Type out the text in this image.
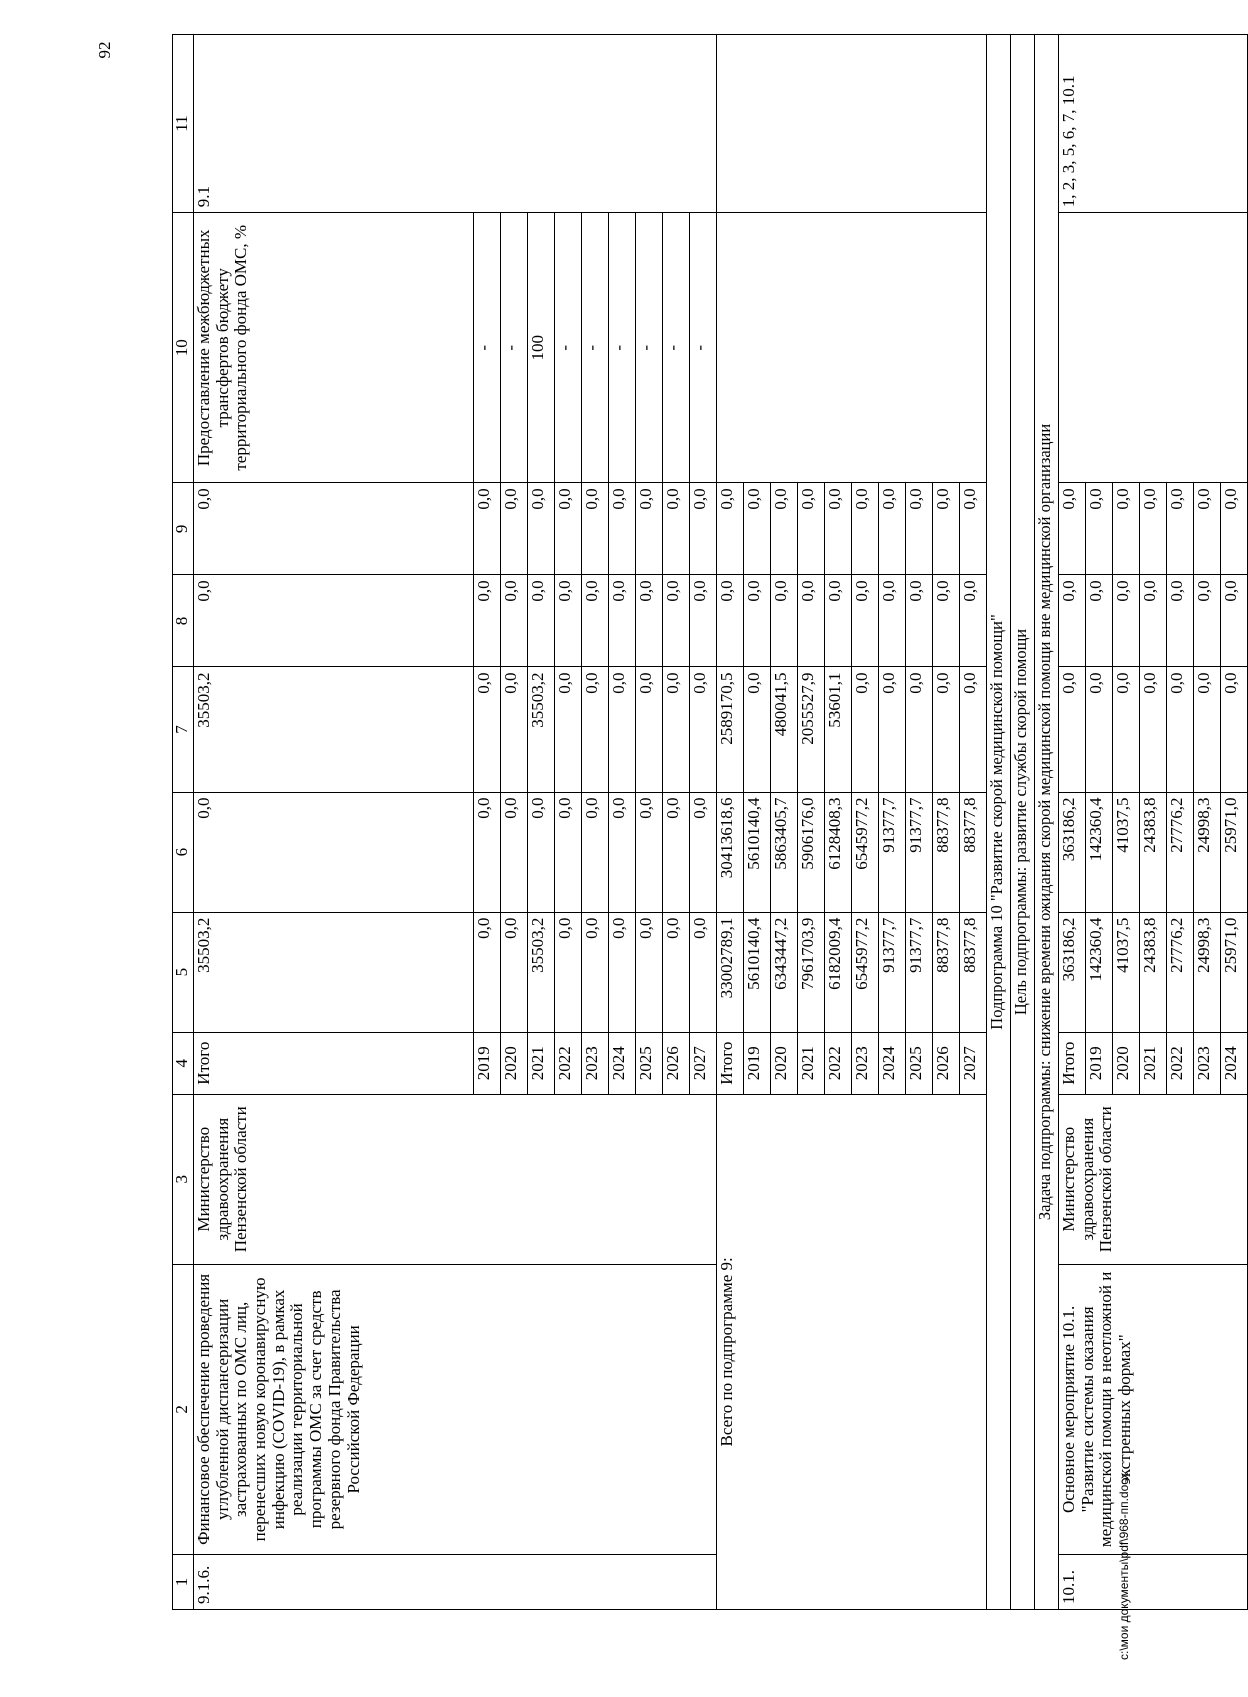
92
c:\мои документы\pdf\968-пп.docx
1	2	3	4	5	6	7	8	9	10	11
9.1.6.	Финансовое обеспечение проведения углубленной диспансеризации застрахованных по ОМС лиц, перенесших новую коронавирусную инфекцию (COVID-19), в рамках реализации территориальной программы ОМС за счет средств резервного фонда Правительства Российской Федерации	Министерство здравоохранения Пензенской области	Итого	35503,2	0,0	35503,2	0,0	0,0	Предоставление межбюджетных трансфертов бюджету территориального фонда ОМС, %	9.1
			2019	0,0	0,0	0,0	0,0	0,0	-	
			2020	0,0	0,0	0,0	0,0	0,0	-	
			2021	35503,2	0,0	35503,2	0,0	0,0	100	
			2022	0,0	0,0	0,0	0,0	0,0	-	
			2023	0,0	0,0	0,0	0,0	0,0	-	
			2024	0,0	0,0	0,0	0,0	0,0	-	
			2025	0,0	0,0	0,0	0,0	0,0	-	
			2026	0,0	0,0	0,0	0,0	0,0	-	
			2027	0,0	0,0	0,0	0,0	0,0	-	
Всего по подпрограмме 9:			Итого	33002789,1	30413618,6	2589170,5	0,0	0,0		
			2019	5610140,4	5610140,4	0,0	0,0	0,0		
			2020	6343447,2	5863405,7	480041,5	0,0	0,0		
			2021	7961703,9	5906176,0	2055527,9	0,0	0,0		
			2022	6182009,4	6128408,3	53601,1	0,0	0,0		
			2023	6545977,2	6545977,2	0,0	0,0	0,0		
			2024	91377,7	91377,7	0,0	0,0	0,0		
			2025	91377,7	91377,7	0,0	0,0	0,0		
			2026	88377,8	88377,8	0,0	0,0	0,0		
			2027	88377,8	88377,8	0,0	0,0	0,0		
Подпрограмма 10 "Развитие скорой медицинской помощи"										
Цель подпрограммы: развитие службы скорой помощи										
Задача подпрограммы: снижение времени ожидания скорой медицинской помощи вне медицинской организации										
10.1.	Основное мероприятие 10.1. "Развитие системы оказания медицинской помощи в неотложной и экстренных формах"	Министерство здравоохранения Пензенской области	Итого	363186,2	363186,2	0,0	0,0	0,0		1, 2, 3, 5, 6, 7, 10.1
			2019	142360,4	142360,4	0,0	0,0	0,0		
			2020	41037,5	41037,5	0,0	0,0	0,0		
			2021	24383,8	24383,8	0,0	0,0	0,0		
			2022	27776,2	27776,2	0,0	0,0	0,0		
			2023	24998,3	24998,3	0,0	0,0	0,0		
			2024	25971,0	25971,0	0,0	0,0	0,0		
